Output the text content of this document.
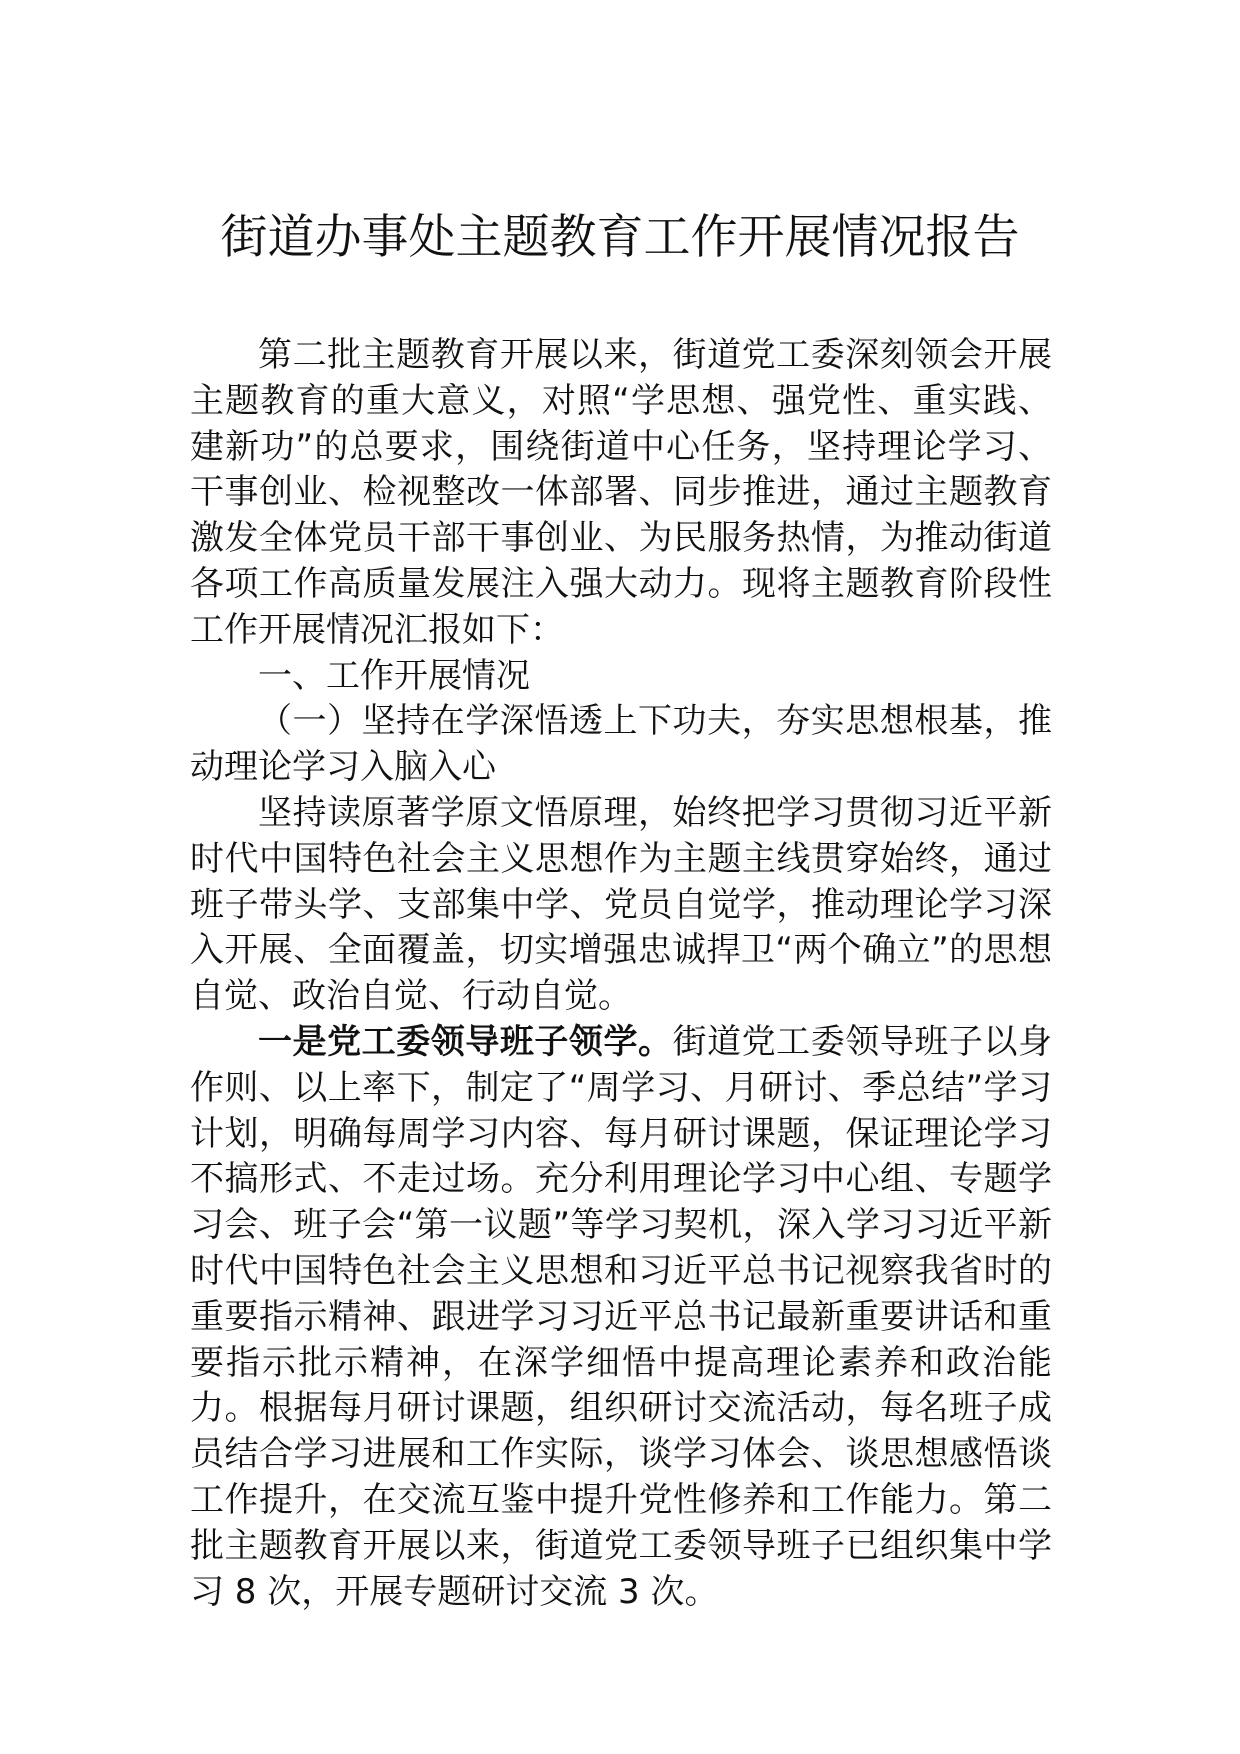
街道办事处主题教育工作开展情况报告

第二批主题教育开展以来，街道党工委深刻领会开展主题教育的重大意义，对照“学思想、强党性、重实践、建新功”的总要求，围绕街道中心任务，坚持理论学习、干事创业、检视整改一体部署、同步推进，通过主题教育激发全体党员干部干事创业、为民服务热情，为推动街道各项工作高质量发展注入强大动力。现将主题教育阶段性工作开展情况汇报如下：

一、工作开展情况

（一）坚持在学深悟透上下功夫，夯实思想根基，推动理论学习入脑入心

坚持读原著学原文悟原理，始终把学习贯彻习近平新时代中国特色社会主义思想作为主题主线贯穿始终，通过班子带头学、支部集中学、党员自觉学，推动理论学习深入开展、全面覆盖，切实增强忠诚捍卫“两个确立”的思想自觉、政治自觉、行动自觉。

一是党工委领导班子领学。街道党工委领导班子以身作则、以上率下，制定了“周学习、月研讨、季总结”学习计划，明确每周学习内容、每月研讨课题，保证理论学习不搞形式、不走过场。充分利用理论学习中心组、专题学习会、班子会“第一议题”等学习契机，深入学习习近平新时代中国特色社会主义思想和习近平总书记视察我省时的重要指示精神、跟进学习习近平总书记最新重要讲话和重要指示批示精神，在深学细悟中提高理论素养和政治能力。根据每月研讨课题，组织研讨交流活动，每名班子成员结合学习进展和工作实际，谈学习体会、谈思想感悟谈工作提升，在交流互鉴中提升党性修养和工作能力。第二批主题教育开展以来，街道党工委领导班子已组织集中学习 8 次，开展专题研讨交流 3 次。
